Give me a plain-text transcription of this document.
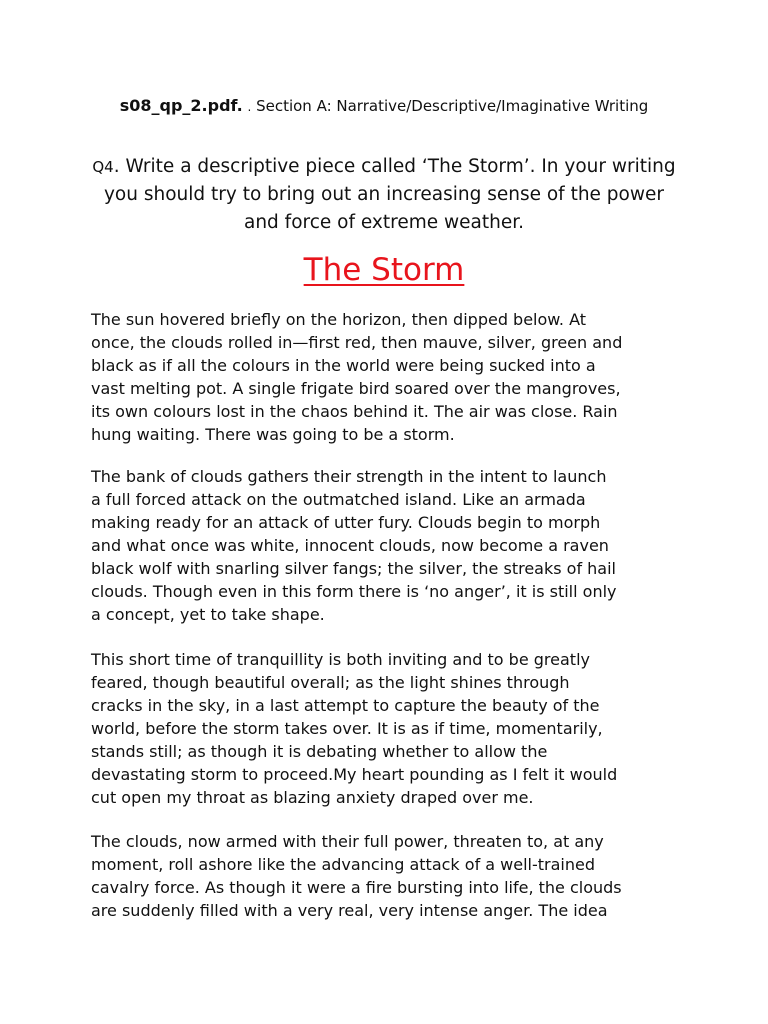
s08_qp_2.pdf. . Section A: Narrative/Descriptive/Imaginative Writing
Q4. Write a descriptive piece called ‘The Storm’. In your writing you should try to bring out an increasing sense of the power and force of extreme weather.
The Storm

The sun hovered briefly on the horizon, then dipped below. At
once, the clouds rolled in—first red, then mauve, silver, green and
black as if all the colours in the world were being sucked into a
vast melting pot. A single frigate bird soared over the mangroves,
its own colours lost in the chaos behind it. The air was close. Rain
hung waiting. There was going to be a storm.

The bank of clouds gathers their strength in the intent to launch
a full forced attack on the outmatched island. Like an armada
making ready for an attack of utter fury. Clouds begin to morph
and what once was white, innocent clouds, now become a raven
black wolf with snarling silver fangs; the silver, the streaks of hail
clouds. Though even in this form there is ‘no anger’, it is still only
a concept, yet to take shape.

This short time of tranquillity is both inviting and to be greatly
feared, though beautiful overall; as the light shines through
cracks in the sky, in a last attempt to capture the beauty of the
world, before the storm takes over. It is as if time, momentarily,
stands still; as though it is debating whether to allow the
devastating storm to proceed.My heart pounding as I felt it would
cut open my throat as blazing anxiety draped over me.

The clouds, now armed with their full power, threaten to, at any
moment, roll ashore like the advancing attack of a well-trained
cavalry force. As though it were a fire bursting into life, the clouds
are suddenly filled with a very real, very intense anger. The idea
